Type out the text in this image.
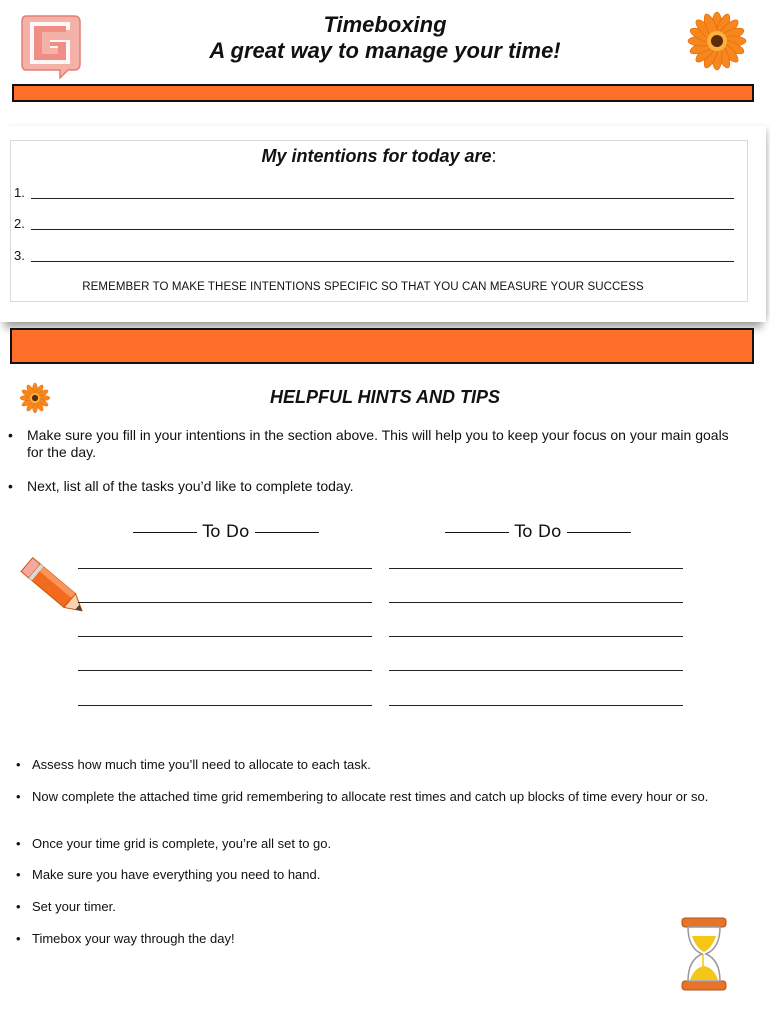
Timeboxing
A great way to manage your time!
My intentions for today are:
1.
2.
3.
REMEMBER TO MAKE THESE INTENTIONS SPECIFIC SO THAT YOU CAN MEASURE YOUR SUCCESS
HELPFUL HINTS AND TIPS
• Make sure you fill in your intentions in the section above. This will help you to keep your focus on your main goals for the day.
• Next, list all of the tasks you’d like to complete today.
To Do	To Do
• Assess how much time you’ll need to allocate to each task.
• Now complete the attached time grid remembering to allocate rest times and catch up blocks of time every hour or so.
• Once your time grid is complete, you’re all set to go.
• Make sure you have everything you need to hand.
• Set your timer.
• Timebox your way through the day!
